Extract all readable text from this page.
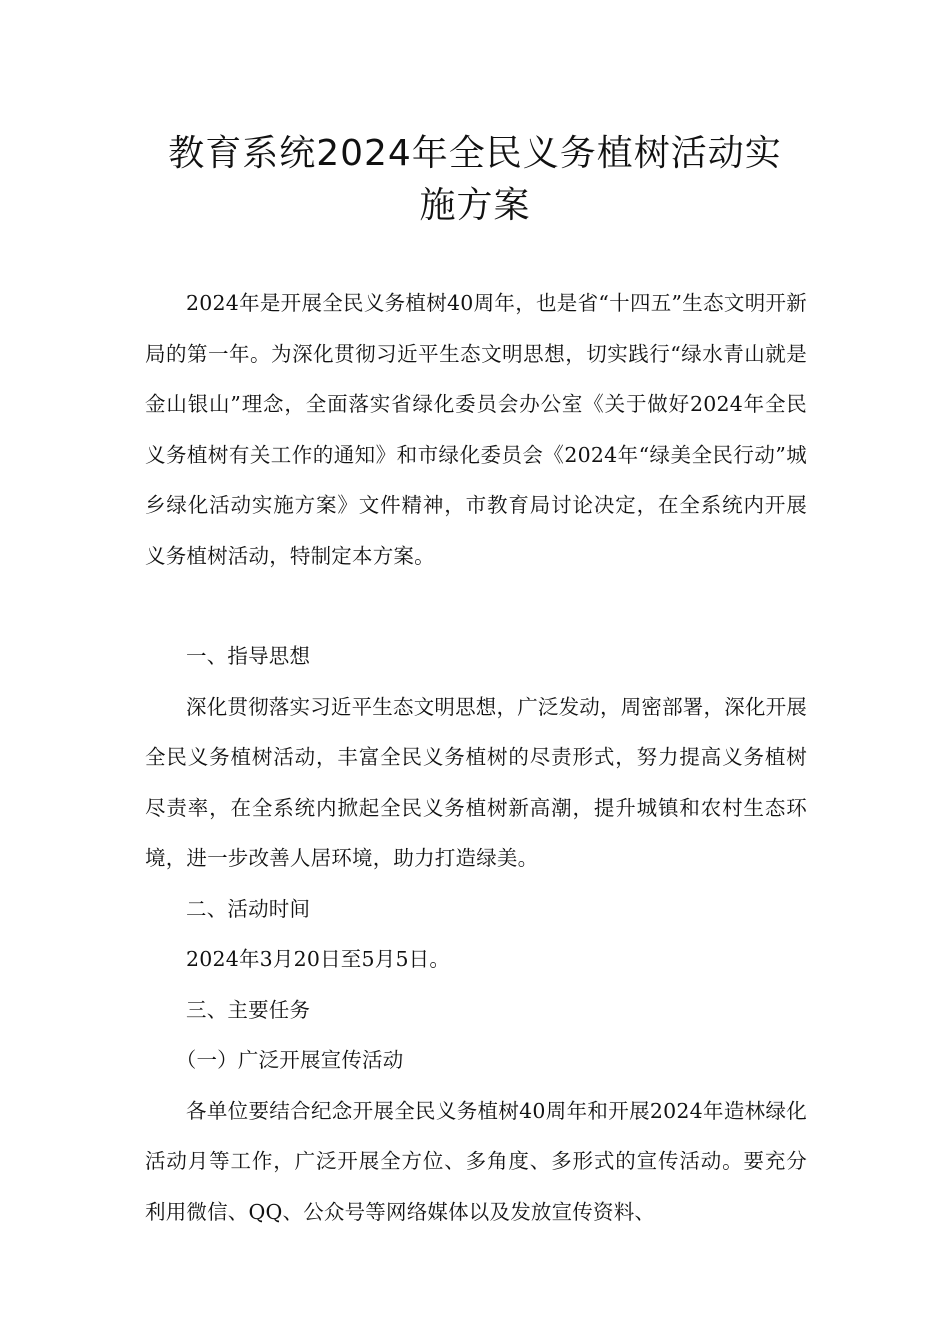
教育系统2024年全民义务植树活动实
施方案

2024年是开展全民义务植树40周年，也是省“十四五”生态文明开新局的第一年。为深化贯彻习近平生态文明思想，切实践行“绿水青山就是金山银山”理念，全面落实省绿化委员会办公室《关于做好2024年全民义务植树有关工作的通知》和市绿化委员会《2024年“绿美全民行动”城乡绿化活动实施方案》文件精神，市教育局讨论决定，在全系统内开展义务植树活动，特制定本方案。

一、指导思想

深化贯彻落实习近平生态文明思想，广泛发动，周密部署，深化开展全民义务植树活动，丰富全民义务植树的尽责形式，努力提高义务植树尽责率，在全系统内掀起全民义务植树新高潮，提升城镇和农村生态环境，进一步改善人居环境，助力打造绿美。

二、活动时间

2024年3月20日至5月5日。

三、主要任务

（一）广泛开展宣传活动

各单位要结合纪念开展全民义务植树40周年和开展2024年造林绿化活动月等工作，广泛开展全方位、多角度、多形式的宣传活动。要充分利用微信、QQ、公众号等网络媒体以及发放宣传资料、
